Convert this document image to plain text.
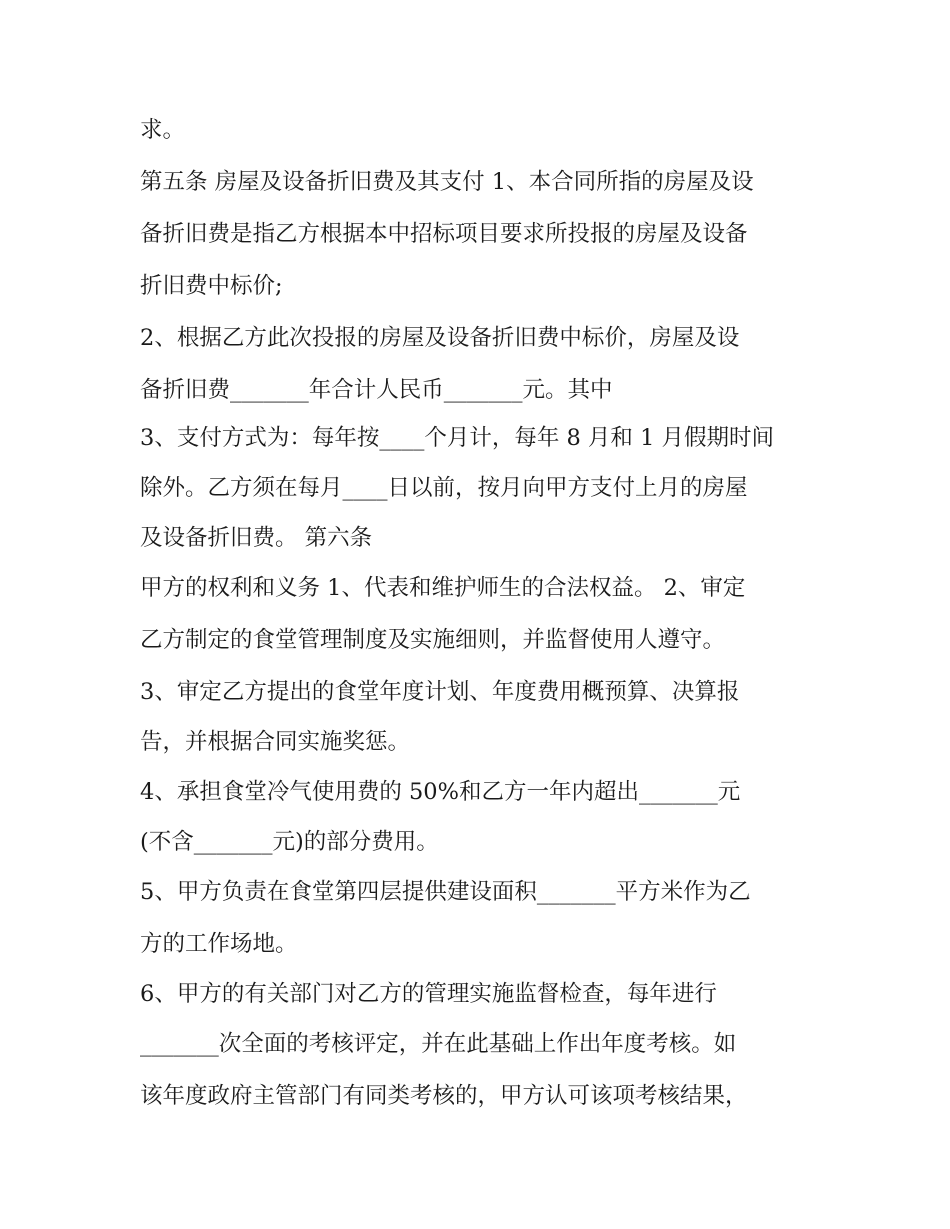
求。
第五条 房屋及设备折旧费及其支付 1、本合同所指的房屋及设
备折旧费是指乙方根据本中招标项目要求所投报的房屋及设备
折旧费中标价;
2、根据乙方此次投报的房屋及设备折旧费中标价，房屋及设
备折旧费_______年合计人民币_______元。其中
3、支付方式为：每年按____个月计，每年 8 月和 1 月假期时间
除外。乙方须在每月____日以前，按月向甲方支付上月的房屋
及设备折旧费。 第六条
甲方的权利和义务 1、代表和维护师生的合法权益。 2、审定
乙方制定的食堂管理制度及实施细则，并监督使用人遵守。
3、审定乙方提出的食堂年度计划、年度费用概预算、决算报
告，并根据合同实施奖惩。
4、承担食堂冷气使用费的 50%和乙方一年内超出_______元
(不含_______元)的部分费用。
5、甲方负责在食堂第四层提供建设面积_______平方米作为乙
方的工作场地。
6、甲方的有关部门对乙方的管理实施监督检查，每年进行
_______次全面的考核评定，并在此基础上作出年度考核。如
该年度政府主管部门有同类考核的，甲方认可该项考核结果，
